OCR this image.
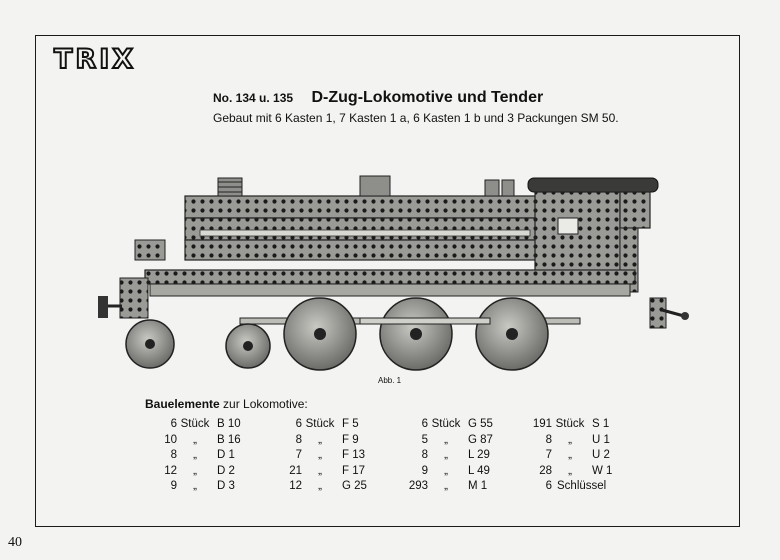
TRIX
No. 134 u. 135 D-Zug-Lokomotive und Tender
Gebaut mit 6 Kasten 1, 7 Kasten 1 a, 6 Kasten 1 b und 3 Packungen SM 50.
Abb. 1
Bauelemente zur Lokomotive:
6 Stück B 10
10 „ B 16
8 „ D 1
12 „ D 2
9 „ D 3
6 Stück F 5
8 „ F 9
7 „ F 13
21 „ F 17
12 „ G 25
6 Stück G 55
5 „ G 87
8 „ L 29
9 „ L 49
293 „ M 1
191 Stück S 1
8 „ U 1
7 „ U 2
28 „ W 1
6 Schlüssel
40
